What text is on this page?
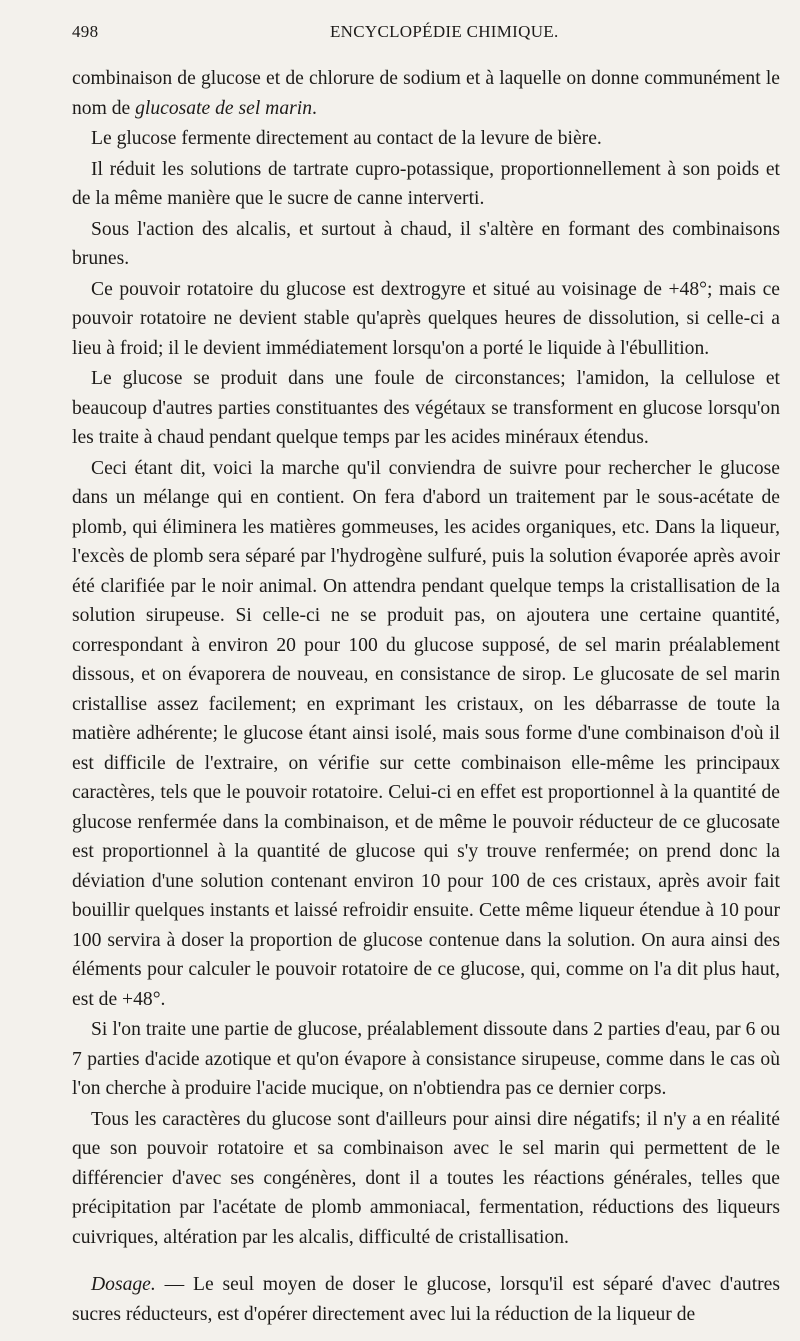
498	ENCYCLOPÉDIE CHIMIQUE.

combinaison de glucose et de chlorure de sodium et à laquelle on donne communément le nom de glucosate de sel marin.

Le glucose fermente directement au contact de la levure de bière.

Il réduit les solutions de tartrate cupro-potassique, proportionnellement à son poids et de la même manière que le sucre de canne interverti.

Sous l'action des alcalis, et surtout à chaud, il s'altère en formant des combinaisons brunes.

Ce pouvoir rotatoire du glucose est dextrogyre et situé au voisinage de +48°; mais ce pouvoir rotatoire ne devient stable qu'après quelques heures de dissolution, si celle-ci a lieu à froid; il le devient immédiatement lorsqu'on a porté le liquide à l'ébullition.

Le glucose se produit dans une foule de circonstances; l'amidon, la cellulose et beaucoup d'autres parties constituantes des végétaux se transforment en glucose lorsqu'on les traite à chaud pendant quelque temps par les acides minéraux étendus.

Ceci étant dit, voici la marche qu'il conviendra de suivre pour rechercher le glucose dans un mélange qui en contient. On fera d'abord un traitement par le sous-acétate de plomb, qui éliminera les matières gommeuses, les acides organiques, etc. Dans la liqueur, l'excès de plomb sera séparé par l'hydrogène sulfuré, puis la solution évaporée après avoir été clarifiée par le noir animal. On attendra pendant quelque temps la cristallisation de la solution sirupeuse. Si celle-ci ne se produit pas, on ajoutera une certaine quantité, correspondant à environ 20 pour 100 du glucose supposé, de sel marin préalablement dissous, et on évaporera de nouveau, en consistance de sirop. Le glucosate de sel marin cristallise assez facilement; en exprimant les cristaux, on les débarrasse de toute la matière adhérente; le glucose étant ainsi isolé, mais sous forme d'une combinaison d'où il est difficile de l'extraire, on vérifie sur cette combinaison elle-même les principaux caractères, tels que le pouvoir rotatoire. Celui-ci en effet est proportionnel à la quantité de glucose renfermée dans la combinaison, et de même le pouvoir réducteur de ce glucosate est proportionnel à la quantité de glucose qui s'y trouve renfermée; on prend donc la déviation d'une solution contenant environ 10 pour 100 de ces cristaux, après avoir fait bouillir quelques instants et laissé refroidir ensuite. Cette même liqueur étendue à 10 pour 100 servira à doser la proportion de glucose contenue dans la solution. On aura ainsi des éléments pour calculer le pouvoir rotatoire de ce glucose, qui, comme on l'a dit plus haut, est de +48°.

Si l'on traite une partie de glucose, préalablement dissoute dans 2 parties d'eau, par 6 ou 7 parties d'acide azotique et qu'on évapore à consistance sirupeuse, comme dans le cas où l'on cherche à produire l'acide mucique, on n'obtiendra pas ce dernier corps.

Tous les caractères du glucose sont d'ailleurs pour ainsi dire négatifs; il n'y a en réalité que son pouvoir rotatoire et sa combinaison avec le sel marin qui permettent de le différencier d'avec ses congénères, dont il a toutes les réactions générales, telles que précipitation par l'acétate de plomb ammoniacal, fermentation, réductions des liqueurs cuivriques, altération par les alcalis, difficulté de cristallisation.

Dosage. — Le seul moyen de doser le glucose, lorsqu'il est séparé d'avec d'autres sucres réducteurs, est d'opérer directement avec lui la réduction de la liqueur de
